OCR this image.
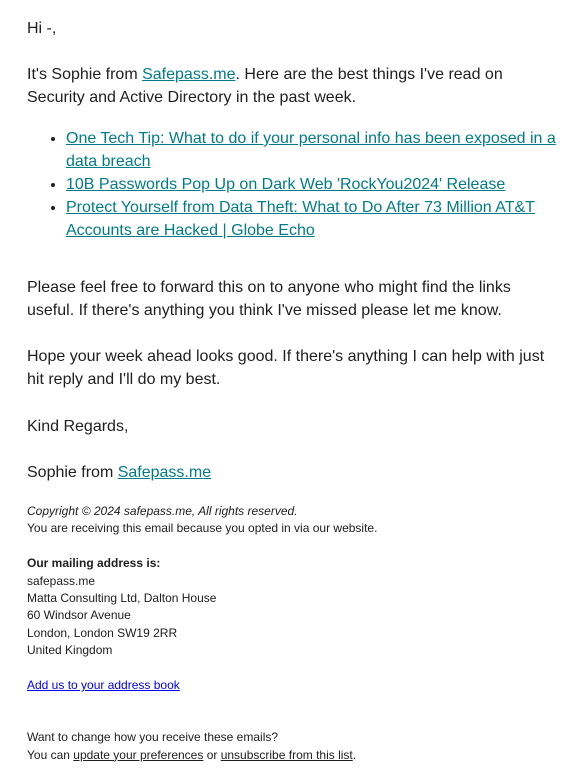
Hi -,

It's Sophie from Safepass.me. Here are the best things I've read on Security and Active Directory in the past week.

• One Tech Tip: What to do if your personal info has been exposed in a data breach
• 10B Passwords Pop Up on Dark Web 'RockYou2024' Release
• Protect Yourself from Data Theft: What to Do After 73 Million AT&T Accounts are Hacked | Globe Echo

Please feel free to forward this on to anyone who might find the links useful. If there's anything you think I've missed please let me know.

Hope your week ahead looks good. If there's anything I can help with just hit reply and I'll do my best.

Kind Regards,

Sophie from Safepass.me

Copyright © 2024 safepass.me, All rights reserved.
You are receiving this email because you opted in via our website.
Our mailing address is:
safepass.me
Matta Consulting Ltd, Dalton House
60 Windsor Avenue
London, London SW19 2RR
United Kingdom
Add us to your address book
Want to change how you receive these emails?
You can update your preferences or unsubscribe from this list.
